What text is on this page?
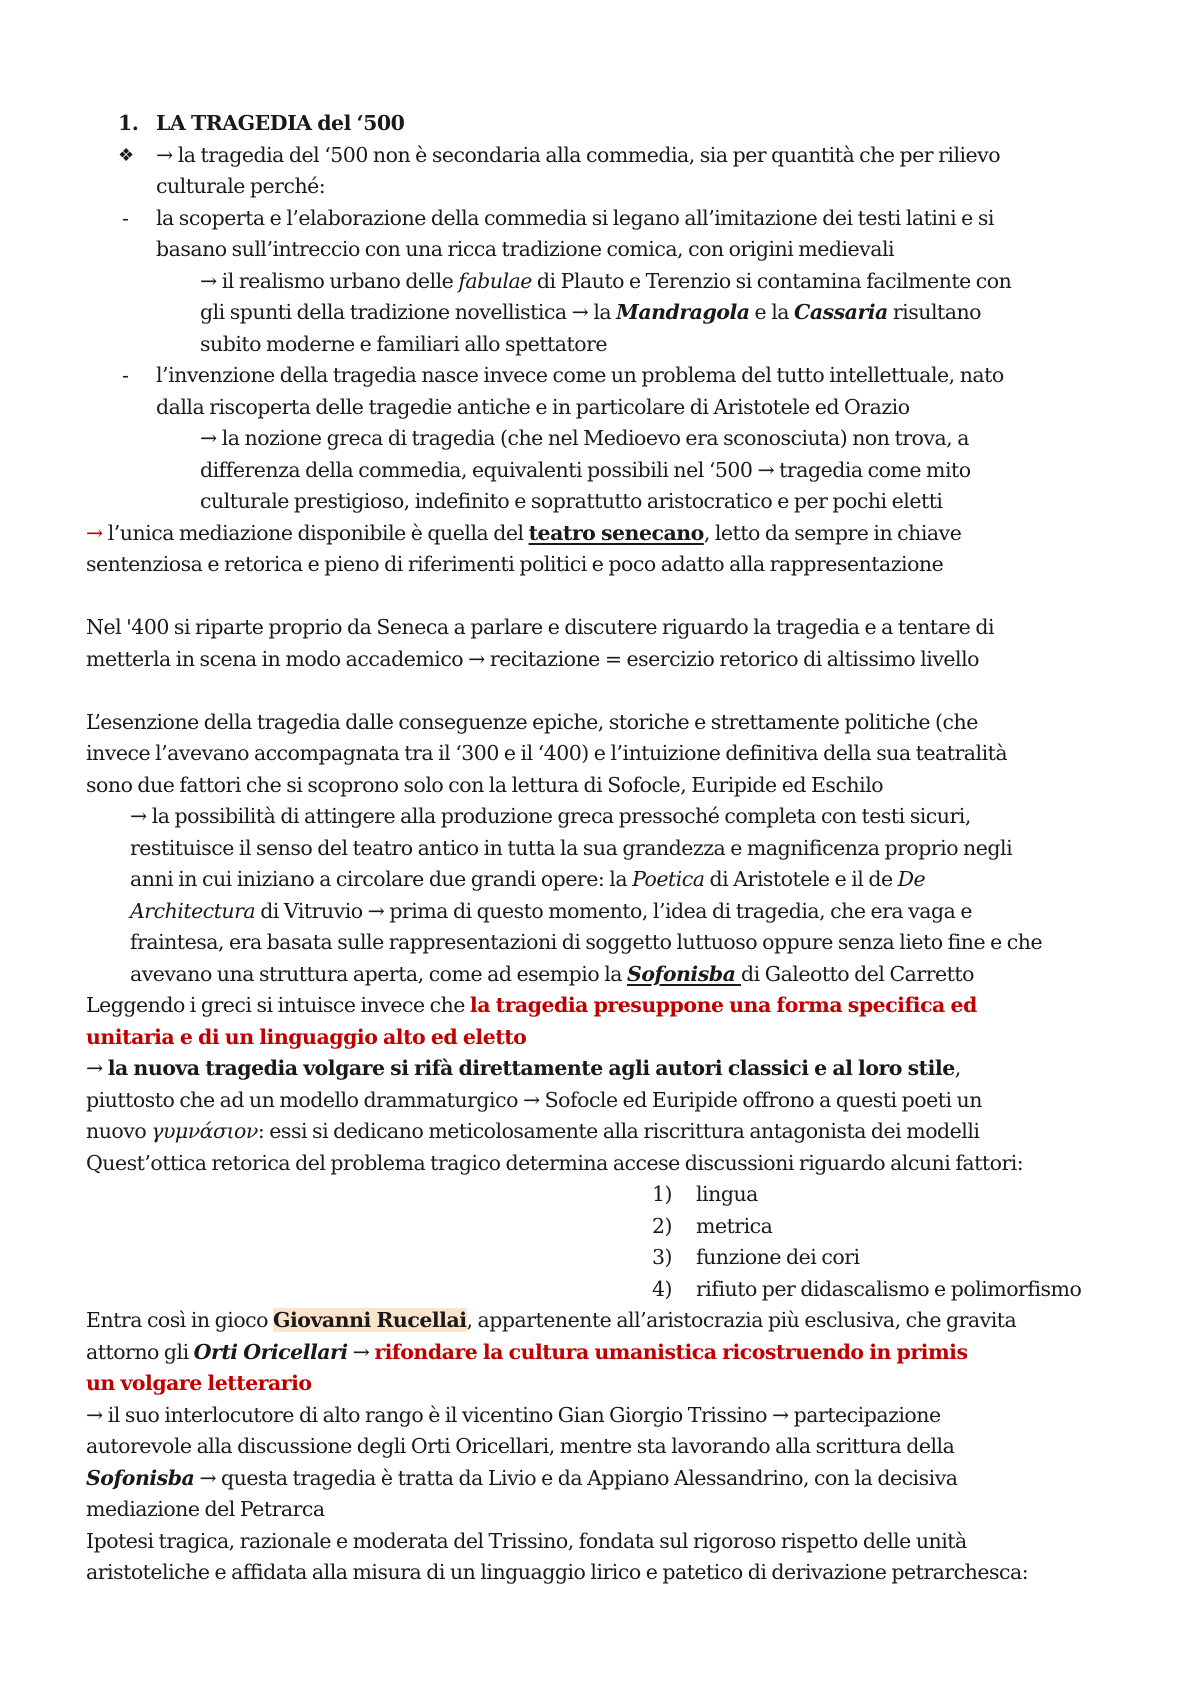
1. LA TRAGEDIA del ‘500

❖ → la tragedia del ‘500 non è secondaria alla commedia, sia per quantità che per rilievo

culturale perché:

- la scoperta e l’elaborazione della commedia si legano all’imitazione dei testi latini e si

basano sull’intreccio con una ricca tradizione comica, con origini medievali

→ il realismo urbano delle fabulae di Plauto e Terenzio si contamina facilmente con

gli spunti della tradizione novellistica → la Mandragola e la Cassaria risultano

subito moderne e familiari allo spettatore

- l’invenzione della tragedia nasce invece come un problema del tutto intellettuale, nato

dalla riscoperta delle tragedie antiche e in particolare di Aristotele ed Orazio

→ la nozione greca di tragedia (che nel Medioevo era sconosciuta) non trova, a

differenza della commedia, equivalenti possibili nel ‘500 → tragedia come mito

culturale prestigioso, indefinito e soprattutto aristocratico e per pochi eletti

→ l’unica mediazione disponibile è quella del teatro senecano, letto da sempre in chiave

sentenziosa e retorica e pieno di riferimenti politici e poco adatto alla rappresentazione

Nel '400 si riparte proprio da Seneca a parlare e discutere riguardo la tragedia e a tentare di

metterla in scena in modo accademico → recitazione = esercizio retorico di altissimo livello

L’esenzione della tragedia dalle conseguenze epiche, storiche e strettamente politiche (che

invece l’avevano accompagnata tra il ‘300 e il ‘400) e l’intuizione definitiva della sua teatralità

sono due fattori che si scoprono solo con la lettura di Sofocle, Euripide ed Eschilo

→ la possibilità di attingere alla produzione greca pressoché completa con testi sicuri,

restituisce il senso del teatro antico in tutta la sua grandezza e magnificenza proprio negli

anni in cui iniziano a circolare due grandi opere: la Poetica di Aristotele e il de De

Architectura di Vitruvio → prima di questo momento, l’idea di tragedia, che era vaga e

fraintesa, era basata sulle rappresentazioni di soggetto luttuoso oppure senza lieto fine e che

avevano una struttura aperta, come ad esempio la Sofonisba di Galeotto del Carretto

Leggendo i greci si intuisce invece che la tragedia presuppone una forma specifica ed

unitaria e di un linguaggio alto ed eletto

→ la nuova tragedia volgare si rifà direttamente agli autori classici e al loro stile,

piuttosto che ad un modello drammaturgico → Sofocle ed Euripide offrono a questi poeti un

nuovo γυμνάσιον: essi si dedicano meticolosamente alla riscrittura antagonista dei modelli

Quest’ottica retorica del problema tragico determina accese discussioni riguardo alcuni fattori:

1) lingua

2) metrica

3) funzione dei cori

4) rifiuto per didascalismo e polimorfismo

Entra così in gioco Giovanni Rucellai, appartenente all’aristocrazia più esclusiva, che gravita

attorno gli Orti Oricellari → rifondare la cultura umanistica ricostruendo in primis

un volgare letterario

→ il suo interlocutore di alto rango è il vicentino Gian Giorgio Trissino → partecipazione

autorevole alla discussione degli Orti Oricellari, mentre sta lavorando alla scrittura della

Sofonisba → questa tragedia è tratta da Livio e da Appiano Alessandrino, con la decisiva

mediazione del Petrarca

Ipotesi tragica, razionale e moderata del Trissino, fondata sul rigoroso rispetto delle unità

aristoteliche e affidata alla misura di un linguaggio lirico e patetico di derivazione petrarchesca:
